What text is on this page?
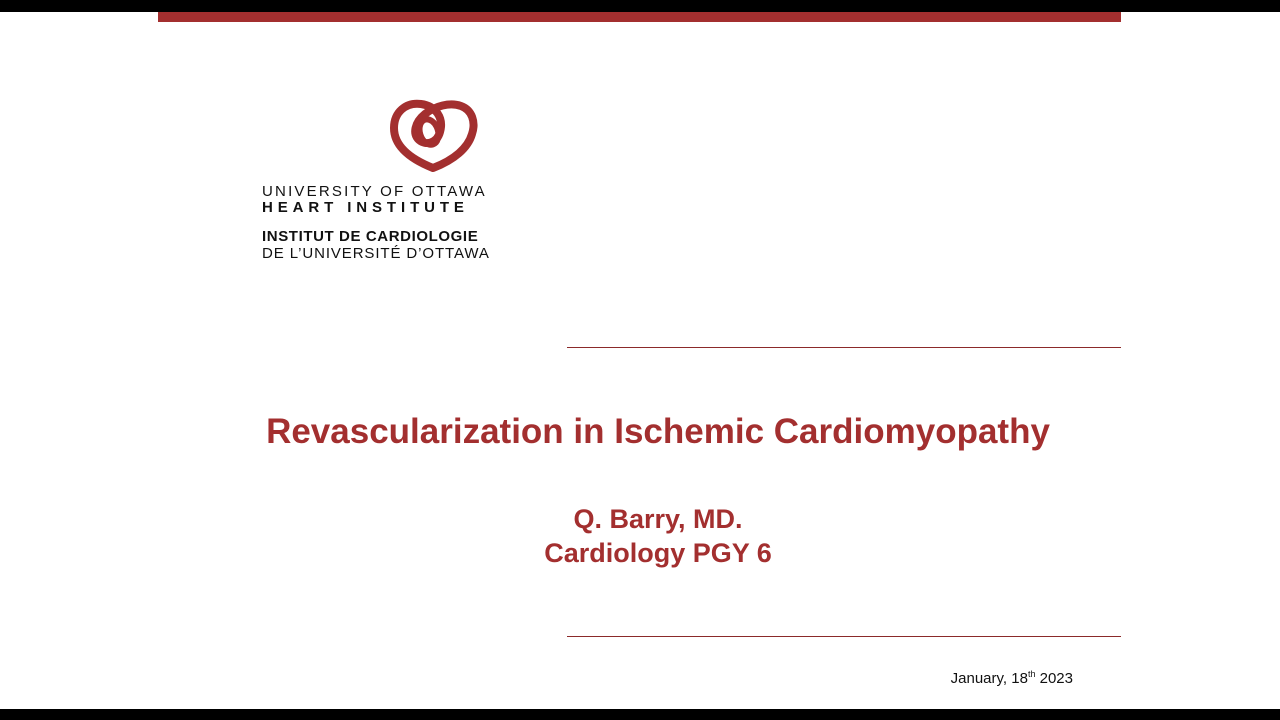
UNIVERSITY OF OTTAWA
HEART INSTITUTE
INSTITUT DE CARDIOLOGIE
DE L’UNIVERSITÉ D’OTTAWA
Revascularization in Ischemic Cardiomyopathy
Q. Barry, MD.
Cardiology PGY 6
January, 18th 2023
